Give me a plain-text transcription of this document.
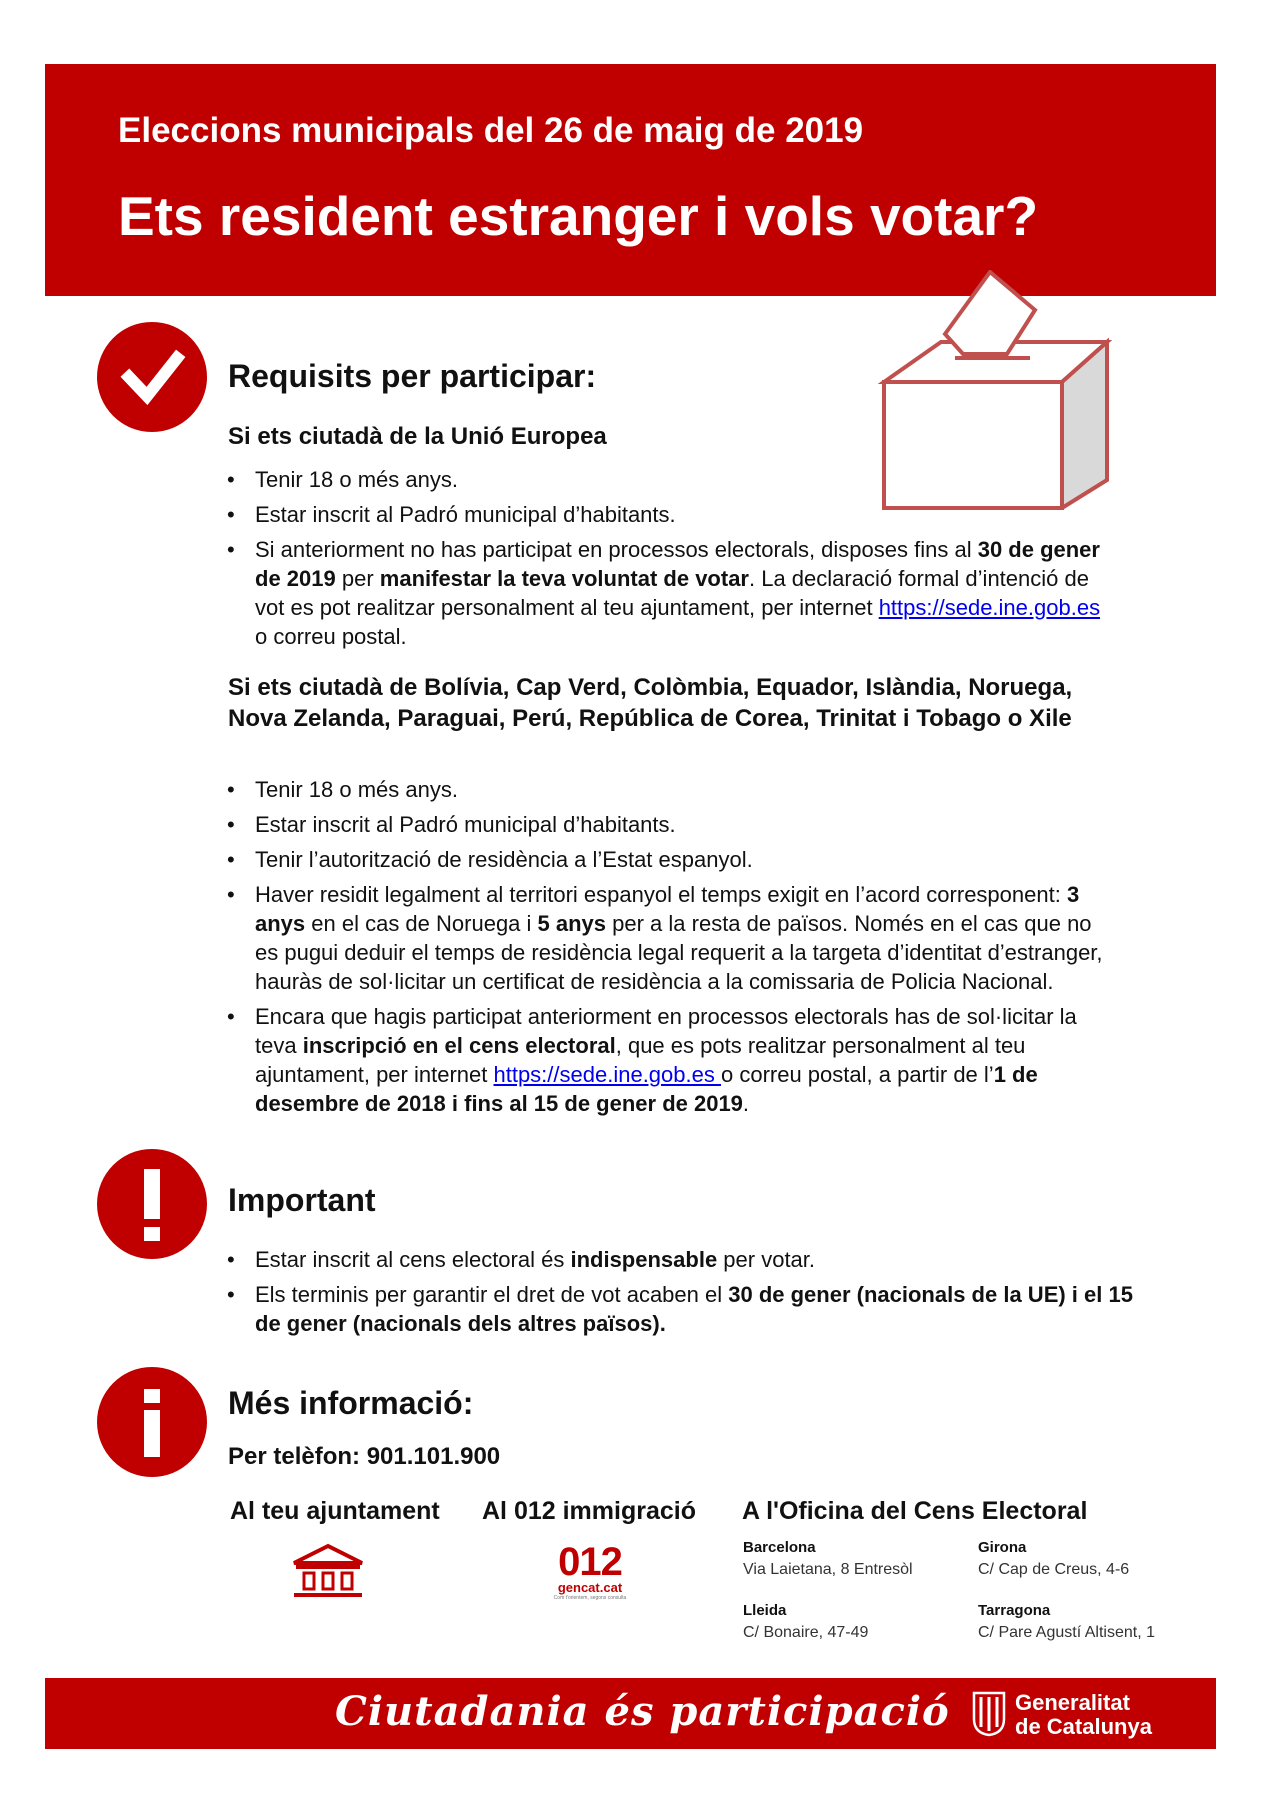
Eleccions municipals del 26 de maig de 2019
Ets resident estranger i vols votar?
Requisits per participar:
Si ets ciutadà de la Unió Europea
• Tenir 18 o més anys.
• Estar inscrit al Padró municipal d’habitants.
• Si anteriorment no has participat en processos electorals, disposes fins al 30 de gener de 2019 per manifestar la teva voluntat de votar. La declaració formal d’intenció de vot es pot realitzar personalment al teu ajuntament, per internet https://sede.ine.gob.es o correu postal.
Si ets ciutadà de Bolívia, Cap Verd, Colòmbia, Equador, Islàndia, Noruega, Nova Zelanda, Paraguai, Perú, República de Corea, Trinitat i Tobago o Xile
• Tenir 18 o més anys.
• Estar inscrit al Padró municipal d’habitants.
• Tenir l’autorització de residència a l’Estat espanyol.
• Haver residit legalment al territori espanyol el temps exigit en l’acord corresponent: 3 anys en el cas de Noruega i 5 anys per a la resta de països. Només en el cas que no es pugui deduir el temps de residència legal requerit a la targeta d’identitat d’estranger, hauràs de sol·licitar un certificat de residència a la comissaria de Policia Nacional.
• Encara que hagis participat anteriorment en processos electorals has de sol·licitar la teva inscripció en el cens electoral, que es pots realitzar personalment al teu ajuntament, per internet https://sede.ine.gob.es o correu postal, a partir de l’1 de desembre de 2018 i fins al 15 de gener de 2019.
Important
• Estar inscrit al cens electoral és indispensable per votar.
• Els terminis per garantir el dret de vot acaben el 30 de gener (nacionals de la UE) i el 15 de gener (nacionals dels altres països).
Més informació:
Per telèfon: 901.101.900
Al teu ajuntament Al 012 immigració A l'Oficina del Cens Electoral
012
gencat.cat
Com t'orientem, segons consulta
Barcelona
Via Laietana, 8 Entresòl
Girona
C/ Cap de Creus, 4-6
Lleida
C/ Bonaire, 47-49
Tarragona
C/ Pare Agustí Altisent, 1
Ciutadania és participació	Generalitat
de Catalunya
